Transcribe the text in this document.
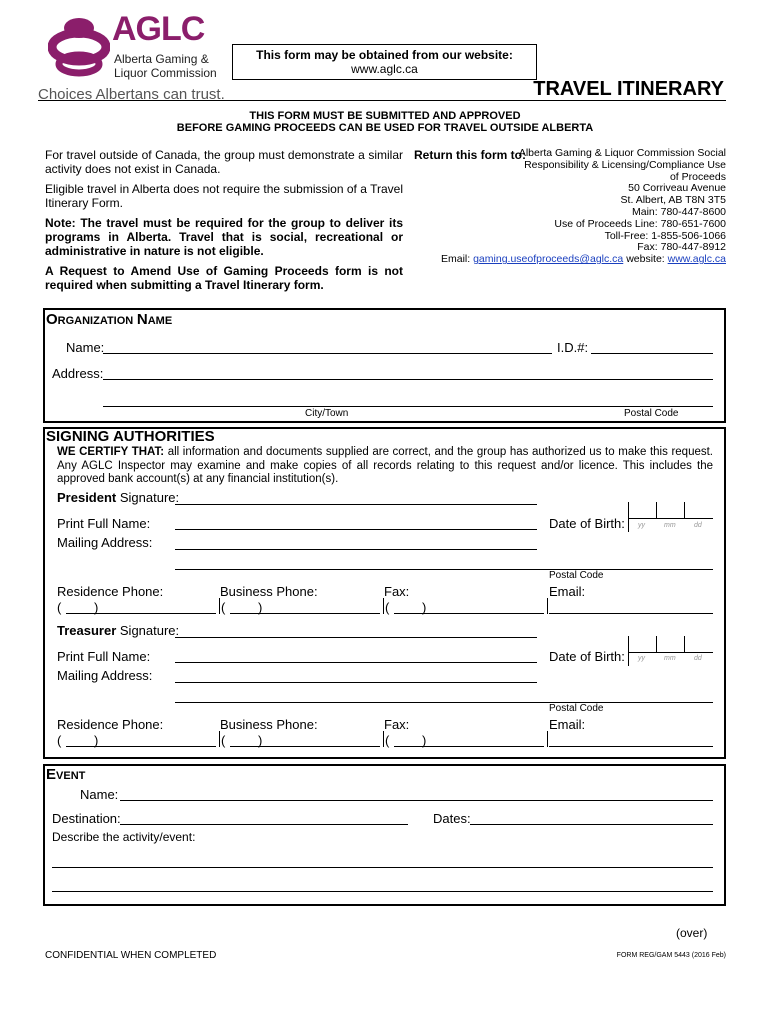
AGLC
Alberta Gaming &
Liquor Commission
Choices Albertans can trust.
This form may be obtained from our website:
www.aglc.ca
TRAVEL ITINERARY
THIS FORM MUST BE SUBMITTED AND APPROVED
BEFORE GAMING PROCEEDS CAN BE USED FOR TRAVEL OUTSIDE ALBERTA
For travel outside of Canada, the group must demonstrate a similar activity does not exist in Canada.
Eligible travel in Alberta does not require the submission of a Travel Itinerary Form.
Note: The travel must be required for the group to deliver its programs in Alberta. Travel that is social, recreational or administrative in nature is not eligible.
A Request to Amend Use of Gaming Proceeds form is not required when submitting a Travel Itinerary form.
Return this form to:
Alberta Gaming & Liquor Commission Social
Responsibility & Licensing/Compliance Use
of Proceeds
50 Corriveau Avenue
St. Albert, AB T8N 3T5
Main: 780-447-8600
Use of Proceeds Line: 780-651-7600
Toll-Free: 1-855-506-1066
Fax: 780-447-8912
Email: gaming.useofproceeds@aglc.ca website: www.aglc.ca
ORGANIZATION NAME
Name:	I.D.#:
Address:
City/Town	Postal Code
SIGNING AUTHORITIES
WE CERTIFY THAT: all information and documents supplied are correct, and the group has authorized us to make this request. Any AGLC Inspector may examine and make copies of all records relating to this request and/or licence. This includes the approved bank account(s) at any financial institution(s).
President Signature:
Print Full Name:	Date of Birth: yy	mm	dd
Mailing Address:
Postal Code
Residence Phone:	Business Phone:	Fax:	Email:
(	)	(	)	(	)
Treasurer Signature:
Print Full Name:	Date of Birth: yy	mm	dd
Mailing Address:
Postal Code
Residence Phone:	Business Phone:	Fax:	Email:
(	)	(	)	(	)
EVENT
Name:
Destination:	Dates:
Describe the activity/event:
(over)
CONFIDENTIAL WHEN COMPLETED	FORM REG/GAM 5443 (2016 Feb)
